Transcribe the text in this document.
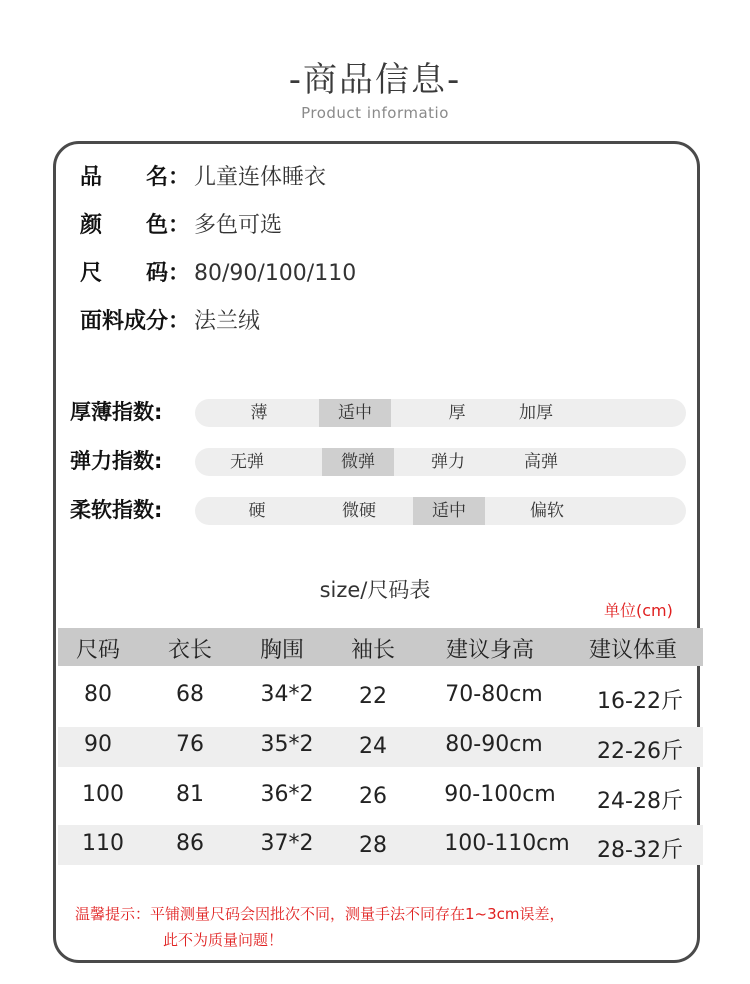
-商品信息-
Product informatio
品　　名： 儿童连体睡衣
颜　　色： 多色可选
尺　　码： 80/90/100/110
面料成分： 法兰绒
厚薄指数:	薄	适中	厚	加厚
弹力指数:	无弹	微弹	弹力	高弹
柔软指数:	硬	微硬	适中	偏软
size/尺码表
单位(cm)
尺码	衣长	胸围	袖长	建议身高	建议体重
80	68	34*2	22	70-80cm	16-22斤
90	76	35*2	24	80-90cm	22-26斤
100	81	36*2	26	90-100cm	24-28斤
110	86	37*2	28	100-110cm	28-32斤
温馨提示：平铺测量尺码会因批次不同，测量手法不同存在1~3cm误差，
此不为质量问题！
